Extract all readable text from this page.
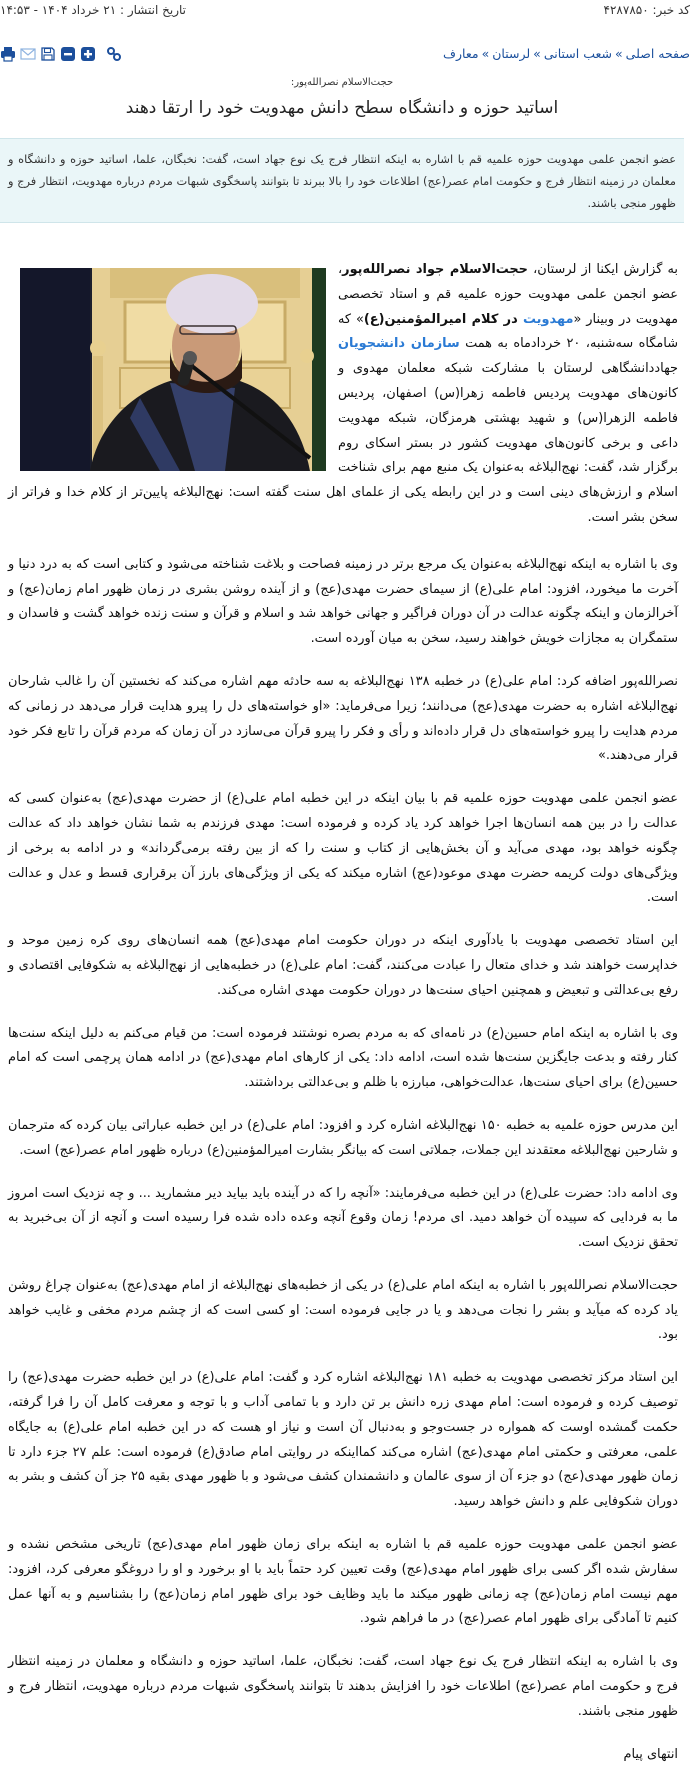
کد خبر: ۴۲۸۷۸۵۰
تاریخ انتشار : ۲۱ خرداد ۱۴۰۴ - ۱۴:۵۳
صفحه اصلی»شعب استانی»لرستان»معارف
حجت‌الاسلام نصرالله‌پور:
اساتید حوزه و دانشگاه سطح دانش مهدویت خود را ارتقا دهند
عضو انجمن علمی مهدویت حوزه علمیه قم با اشاره به اینکه انتظار فرج یک نوع جهاد است، گفت: نخبگان، علما، اساتید حوزه و دانشگاه و معلمان در زمینه انتظار فرج و حکومت امام عصر(عج) اطلاعات خود را بالا ببرند تا بتوانند پاسخگوی شبهات مردم درباره مهدویت، انتظار فرج و ظهور منجی باشند.

به گزارش ایکنا از لرستان، حجت‌الاسلام جواد نصرالله‌پور، عضو انجمن علمی مهدویت حوزه علمیه قم و استاد تخصصی مهدویت در وبینار «مهدویت در کلام امیرالمؤمنین(ع)» که شامگاه سه‌شنبه، ۲۰ خردادماه به همت سازمان دانشجویان جهاددانشگاهی لرستان با مشارکت شبکه معلمان مهدوی و کانون‌های مهدویت پردیس فاطمه زهرا(س) اصفهان، پردیس فاطمه الزهرا(س) و شهید بهشتی هرمزگان، شبکه مهدویت داعی و برخی کانون‌های مهدویت کشور در بستر اسکای روم برگزار شد، گفت: نهج‌البلاغه به‌عنوان یک منبع مهم برای شناخت اسلام و ارزش‌های دینی است و در این رابطه یکی از علمای اهل سنت گفته است: نهج‌البلاغه پایین‌تر از کلام خدا و فراتر از سخن بشر است.

وی با اشاره به اینکه نهج‌البلاغه به‌عنوان یک مرجع برتر در زمینه فصاحت و بلاغت شناخته می‌شود و کتابی است که به درد دنیا و آخرت ما میخورد، افزود: امام علی(ع) از سیمای حضرت مهدی(عج) و از آینده روشن بشری در زمان ظهور امام زمان(عج) و آخرالزمان و اینکه چگونه عدالت در آن دوران فراگیر و جهانی خواهد شد و اسلام و قرآن و سنت زنده خواهد گشت و فاسدان و ستمگران به مجازات خویش خواهند رسید، سخن به میان آورده است.

نصرالله‌پور اضافه کرد: امام علی(ع) در خطبه ۱۳۸ نهج‌البلاغه به سه حادثه مهم اشاره می‌کند که نخستین آن را غالب شارحان نهج‌البلاغه اشاره به حضرت مهدی(عج) می‌دانند؛ زیرا می‌فرماید: «او خواسته‌های دل را پیرو هدایت قرار می‌دهد در زمانی که مردم هدایت را پیرو خواسته‌های دل قرار داده‌اند و رأی و فکر را پیرو قرآن می‌سازد در آن زمان که مردم قرآن را تابع فکر خود قرار می‌دهند.»

عضو انجمن علمی مهدویت حوزه علمیه قم با بیان اینکه در این خطبه امام علی(ع) از حضرت مهدی(عج) به‌عنوان کسی که عدالت را در بین همه انسان‌ها اجرا خواهد کرد یاد کرده و فرموده است: مهدی فرزندم به شما نشان خواهد داد که عدالت چگونه خواهد بود، مهدی می‌آید و آن بخش‌هایی از کتاب و سنت را که از بین رفته برمی‌گرداند» و در ادامه به برخی از ویژگی‌های دولت کریمه حضرت مهدی موعود(عج) اشاره میکند که یکی از ویژگی‌های بارز آن برقراری قسط و عدل و عدالت است.

این استاد تخصصی مهدویت با یادآوری اینکه در دوران حکومت امام مهدی(عج) همه انسان‌های روی کره زمین موحد و خداپرست خواهند شد و خدای متعال را عبادت می‌کنند، گفت: امام علی(ع) در خطبه‌هایی از نهج‌البلاغه به شکوفایی اقتصادی و رفع بی‌عدالتی و تبعیض و همچنین احیای سنت‌ها در دوران حکومت مهدی اشاره می‌کند.

وی با اشاره به اینکه امام حسین(ع) در نامه‌ای که به مردم بصره نوشتند فرموده است: من قیام می‌کنم به دلیل اینکه سنت‌ها کنار رفته و بدعت جایگزین سنت‌ها شده است، ادامه داد: یکی از کارهای امام مهدی(عج) در ادامه همان پرچمی است که امام حسین(ع) برای احیای سنت‌ها، عدالت‌خواهی، مبارزه با ظلم و بی‌عدالتی برداشتند.

این مدرس حوزه علمیه به خطبه ۱۵۰ نهج‌البلاغه اشاره کرد و افزود: امام علی(ع) در این خطبه عباراتی بیان کرده که مترجمان و شارحین نهج‌البلاغه معتقدند این جملات، جملاتی است که بیانگر بشارت امیرالمؤمنین(ع) درباره ظهور امام عصر(عج) است.

وی ادامه داد: حضرت علی(ع) در این خطبه می‌فرمایند: «آنچه را که در آینده باید بیاید دیر مشمارید ... و چه نزدیک است امروز ما به فردایی که سپیده آن خواهد دمید. ای مردم! زمان وقوع آنچه وعده داده شده فرا رسیده است و آنچه از آن بی‌خبرید به تحقق نزدیک است.

حجت‌الاسلام نصرالله‌پور با اشاره به اینکه امام علی(ع) در یکی از خطبه‌های نهج‌البلاغه از امام مهدی(عج) به‌عنوان چراغ روشن یاد کرده که میآید و بشر را نجات می‌دهد و یا در جایی فرموده است: او کسی است که از چشم مردم مخفی و غایب خواهد بود.

این استاد مرکز تخصصی مهدویت به خطبه ۱۸۱ نهج‌البلاغه اشاره کرد و گفت: امام علی(ع) در این خطبه حضرت مهدی(عج) را توصیف کرده و فرموده است: امام مهدی زره دانش بر تن دارد و با تمامی آداب و با توجه و معرفت کامل آن را فرا گرفته، حکمت گمشده اوست که همواره در جست‌وجو و به‌دنبال آن است و نیاز او هست که در این خطبه امام علی(ع) به جایگاه علمی، معرفتی و حکمتی امام مهدی(عج) اشاره می‌کند کمااینکه در روایتی امام صادق(ع) فرموده است: علم ۲۷ جزء دارد تا زمان ظهور مهدی(عج) دو جزء آن از سوی عالمان و دانشمندان کشف می‌شود و با ظهور مهدی بقیه ۲۵ جز آن کشف و بشر به دوران شکوفایی علم و دانش خواهد رسید.

عضو انجمن علمی مهدویت حوزه علمیه قم با اشاره به اینکه برای زمان ظهور امام مهدی(عج) تاریخی مشخص نشده و سفارش شده اگر کسی برای ظهور امام مهدی(عج) وقت تعیین کرد حتماً باید با او برخورد و او را دروغگو معرفی کرد، افزود: مهم نیست امام زمان(عج) چه زمانی ظهور میکند ما باید وظایف خود برای ظهور امام زمان(عج) را بشناسیم و به آنها عمل کنیم تا آمادگی برای ظهور امام عصر(عج) در ما فراهم شود.

وی با اشاره به اینکه انتظار فرج یک نوع جهاد است، گفت: نخبگان، علما، اساتید حوزه و دانشگاه و معلمان در زمینه انتظار فرج و حکومت امام عصر(عج) اطلاعات خود را افزایش بدهند تا بتوانند پاسخگوی شبهات مردم درباره مهدویت، انتظار فرج و ظهور منجی باشند.

انتهای پیام
